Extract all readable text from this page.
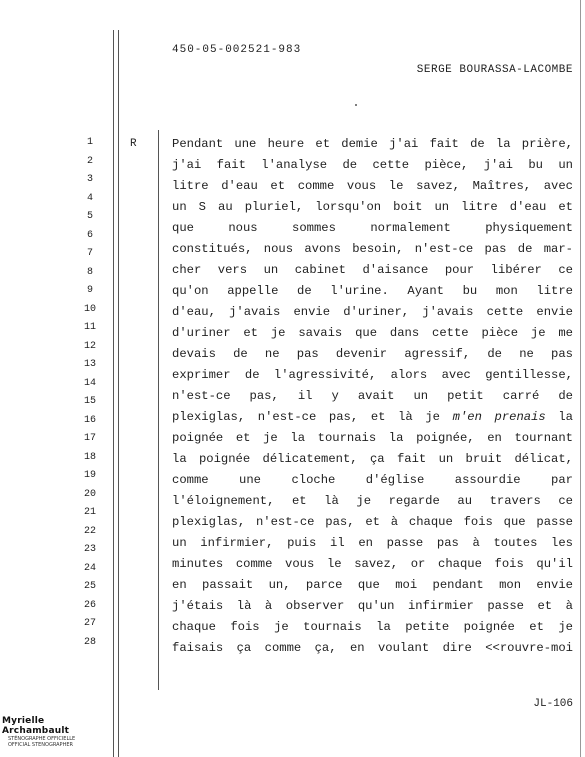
450-05-002521-983
SERGE BOURASSA-LACOMBE
1
2
3
4
5
6
7
8
9
10
11
12
13
14
15
16
17
18
19
20
21
22
23
24
25
26
27
28
R	Pendant une heure et demie j'ai fait de la prière,
j'ai fait l'analyse de cette pièce, j'ai bu un
litre d'eau et comme vous le savez, Maîtres, avec
un S au pluriel, lorsqu'on boit un litre d'eau et
que nous sommes normalement physiquement
constitués, nous avons besoin, n'est-ce pas de mar-
cher vers un cabinet d'aisance pour libérer ce
qu'on appelle de l'urine. Ayant bu mon litre
d'eau, j'avais envie d'uriner, j'avais cette envie
d'uriner et je savais que dans cette pièce je me
devais de ne pas devenir agressif, de ne pas
exprimer de l'agressivité, alors avec gentillesse,
n'est-ce pas, il y avait un petit carré de
plexiglas, n'est-ce pas, et là je m'en prenais la
poignée et je la tournais la poignée, en tournant
la poignée délicatement, ça fait un bruit délicat,
comme une cloche d'église assourdie par
l'éloignement, et là je regarde au travers ce
plexiglas, n'est-ce pas, et à chaque fois que passe
un infirmier, puis il en passe pas à toutes les
minutes comme vous le savez, or chaque fois qu'il
en passait un, parce que moi pendant mon envie
j'étais là à observer qu'un infirmier passe et à
chaque fois je tournais la petite poignée et je
faisais ça comme ça, en voulant dire <<rouvre-moi
JL-106
Myrielle Archambault
STÉNOGRAPHE OFFICIELLE
OFFICIAL STENOGRAPHER
